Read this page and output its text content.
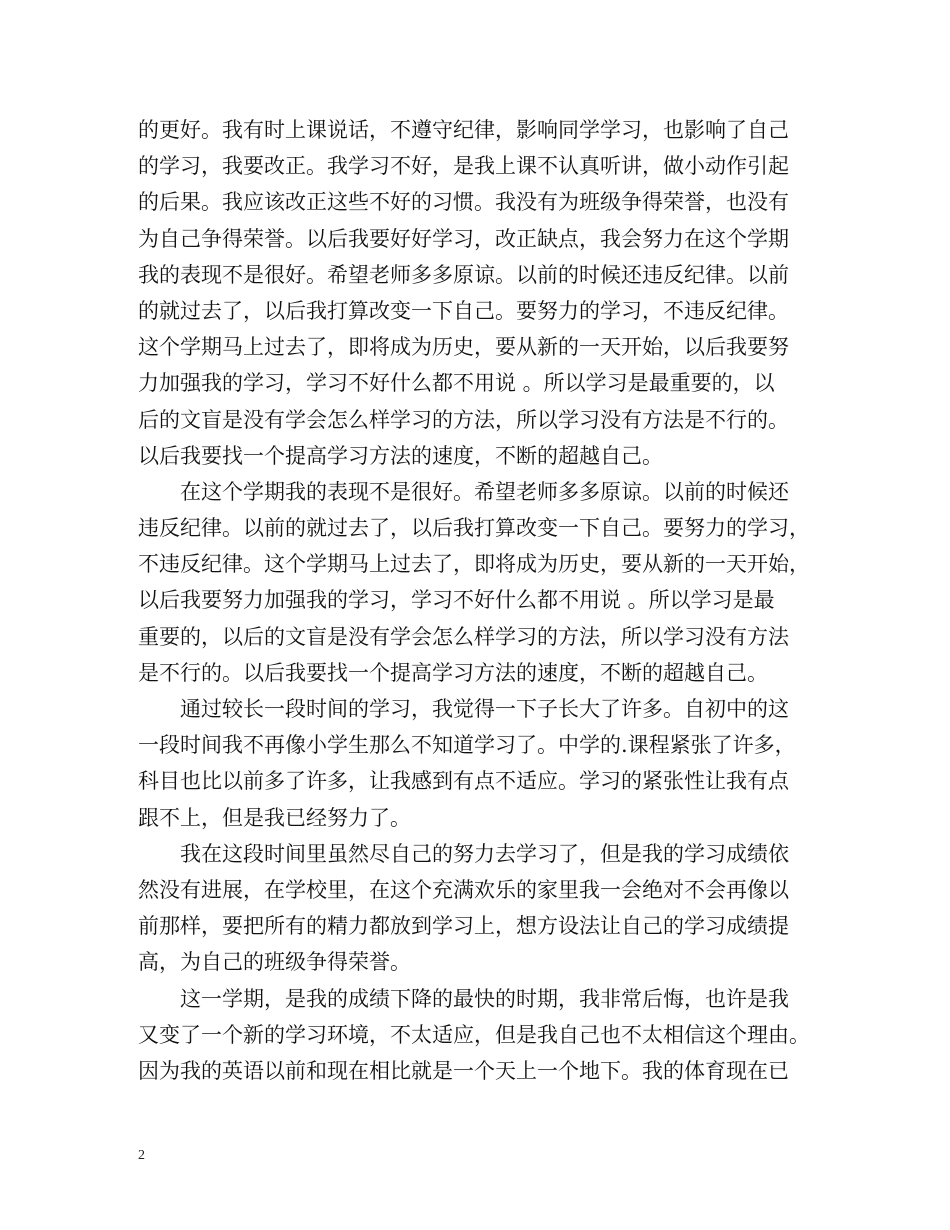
的更好。我有时上课说话，不遵守纪律，影响同学学习，也影响了自己
的学习，我要改正。我学习不好，是我上课不认真听讲，做小动作引起
的后果。我应该改正这些不好的习惯。我没有为班级争得荣誉，也没有
为自己争得荣誉。以后我要好好学习，改正缺点，我会努力在这个学期
我的表现不是很好。希望老师多多原谅。以前的时候还违反纪律。以前
的就过去了，以后我打算改变一下自己。要努力的学习，不违反纪律。
这个学期马上过去了，即将成为历史，要从新的一天开始，以后我要努
力加强我的学习，学习不好什么都不用说 。所以学习是最重要的，以
后的文盲是没有学会怎么样学习的方法，所以学习没有方法是不行的。
以后我要找一个提高学习方法的速度，不断的超越自己。
　　在这个学期我的表现不是很好。希望老师多多原谅。以前的时候还
违反纪律。以前的就过去了，以后我打算改变一下自己。要努力的学习，
不违反纪律。这个学期马上过去了，即将成为历史，要从新的一天开始，
以后我要努力加强我的学习，学习不好什么都不用说 。所以学习是最
重要的，以后的文盲是没有学会怎么样学习的方法，所以学习没有方法
是不行的。以后我要找一个提高学习方法的速度，不断的超越自己。
　　通过较长一段时间的学习，我觉得一下子长大了许多。自初中的这
一段时间我不再像小学生那么不知道学习了。中学的.课程紧张了许多，
科目也比以前多了许多，让我感到有点不适应。学习的紧张性让我有点
跟不上，但是我已经努力了。
　　我在这段时间里虽然尽自己的努力去学习了，但是我的学习成绩依
然没有进展，在学校里，在这个充满欢乐的家里我一会绝对不会再像以
前那样，要把所有的精力都放到学习上，想方设法让自己的学习成绩提
高，为自己的班级争得荣誉。
　　这一学期，是我的成绩下降的最快的时期，我非常后悔，也许是我
又变了一个新的学习环境，不太适应，但是我自己也不太相信这个理由。
因为我的英语以前和现在相比就是一个天上一个地下。我的体育现在已
2
